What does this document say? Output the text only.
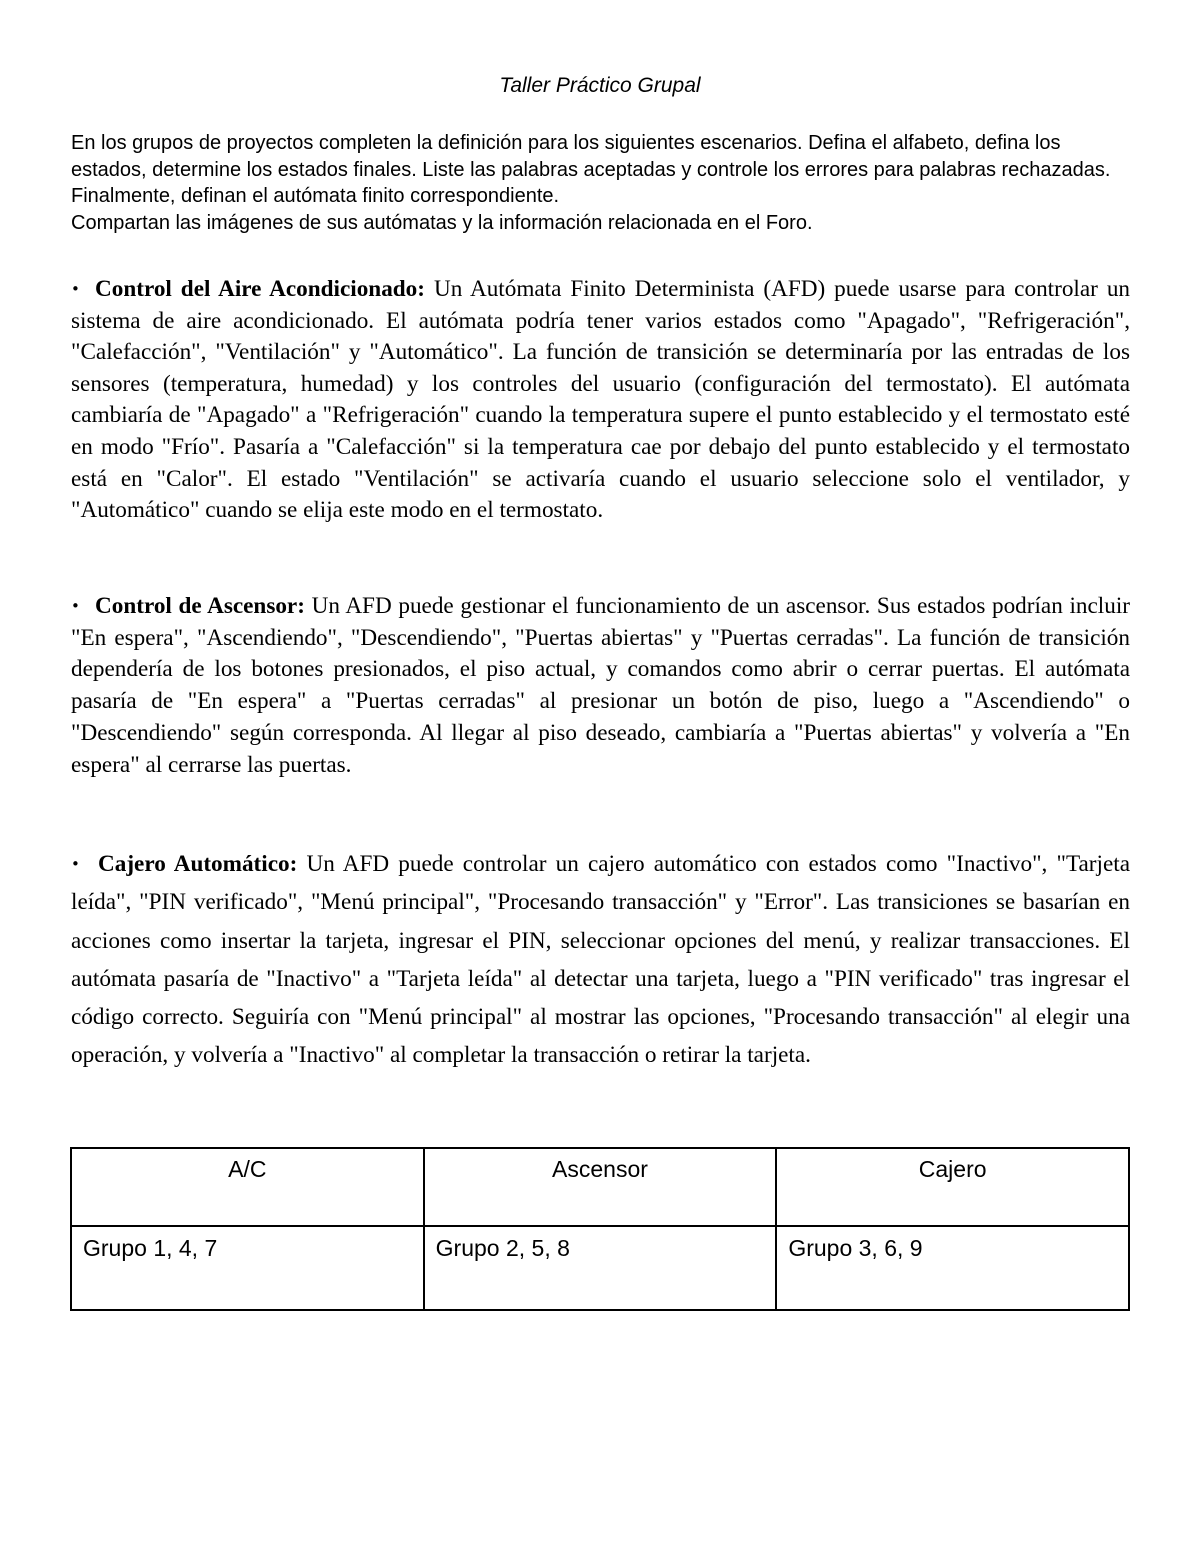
Taller Práctico Grupal

En los grupos de proyectos completen la definición para los siguientes escenarios. Defina el alfabeto, defina los estados, determine los estados finales. Liste las palabras aceptadas y controle los errores para palabras rechazadas. Finalmente, definan el autómata finito correspondiente.

Compartan las imágenes de sus autómatas y la información relacionada en el Foro.

• Control del Aire Acondicionado: Un Autómata Finito Determinista (AFD) puede usarse para controlar un sistema de aire acondicionado. El autómata podría tener varios estados como "Apagado", "Refrigeración", "Calefacción", "Ventilación" y "Automático". La función de transición se determinaría por las entradas de los sensores (temperatura, humedad) y los controles del usuario (configuración del termostato). El autómata cambiaría de "Apagado" a "Refrigeración" cuando la temperatura supere el punto establecido y el termostato esté en modo "Frío". Pasaría a "Calefacción" si la temperatura cae por debajo del punto establecido y el termostato está en "Calor". El estado "Ventilación" se activaría cuando el usuario seleccione solo el ventilador, y "Automático" cuando se elija este modo en el termostato.

• Control de Ascensor: Un AFD puede gestionar el funcionamiento de un ascensor. Sus estados podrían incluir "En espera", "Ascendiendo", "Descendiendo", "Puertas abiertas" y "Puertas cerradas". La función de transición dependería de los botones presionados, el piso actual, y comandos como abrir o cerrar puertas. El autómata pasaría de "En espera" a "Puertas cerradas" al presionar un botón de piso, luego a "Ascendiendo" o "Descendiendo" según corresponda. Al llegar al piso deseado, cambiaría a "Puertas abiertas" y volvería a "En espera" al cerrarse las puertas.

• Cajero Automático: Un AFD puede controlar un cajero automático con estados como "Inactivo", "Tarjeta leída", "PIN verificado", "Menú principal", "Procesando transacción" y "Error". Las transiciones se basarían en acciones como insertar la tarjeta, ingresar el PIN, seleccionar opciones del menú, y realizar transacciones. El autómata pasaría de "Inactivo" a "Tarjeta leída" al detectar una tarjeta, luego a "PIN verificado" tras ingresar el código correcto. Seguiría con "Menú principal" al mostrar las opciones, "Procesando transacción" al elegir una operación, y volvería a "Inactivo" al completar la transacción o retirar la tarjeta.

A/C	Ascensor	Cajero
Grupo 1, 4, 7	Grupo 2, 5, 8	Grupo 3, 6, 9
